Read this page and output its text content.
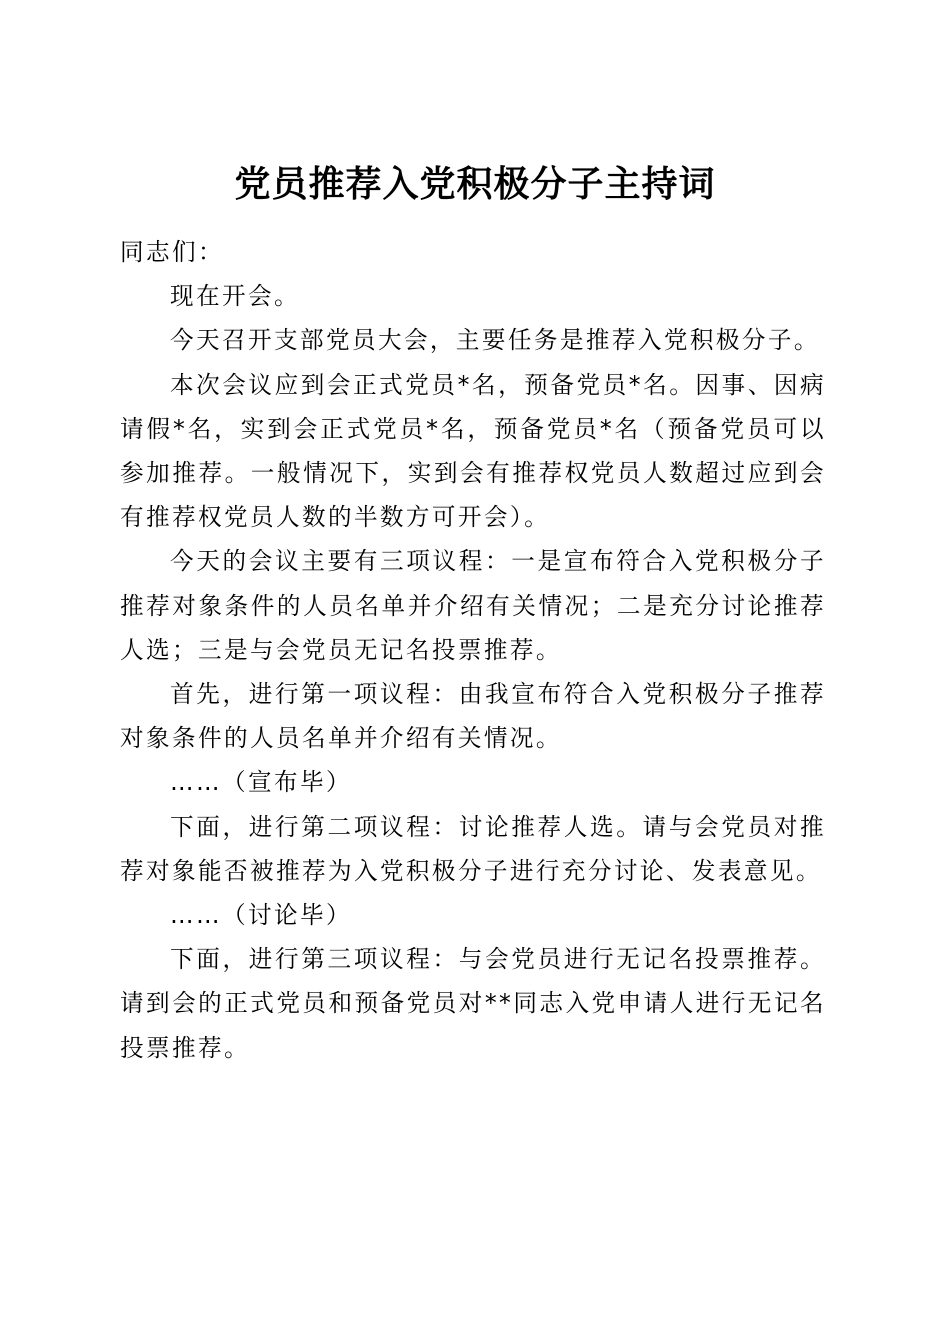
党员推荐入党积极分子主持词

同志们：

现在开会。

今天召开支部党员大会，主要任务是推荐入党积极分子。

本次会议应到会正式党员*名，预备党员*名。因事、因病请假*名，实到会正式党员*名，预备党员*名（预备党员可以参加推荐。一般情况下，实到会有推荐权党员人数超过应到会有推荐权党员人数的半数方可开会）。

今天的会议主要有三项议程：一是宣布符合入党积极分子推荐对象条件的人员名单并介绍有关情况；二是充分讨论推荐人选；三是与会党员无记名投票推荐。

首先，进行第一项议程：由我宣布符合入党积极分子推荐对象条件的人员名单并介绍有关情况。

……（宣布毕）

下面，进行第二项议程：讨论推荐人选。请与会党员对推荐对象能否被推荐为入党积极分子进行充分讨论、发表意见。

……（讨论毕）

下面，进行第三项议程：与会党员进行无记名投票推荐。请到会的正式党员和预备党员对**同志入党申请人进行无记名投票推荐。
